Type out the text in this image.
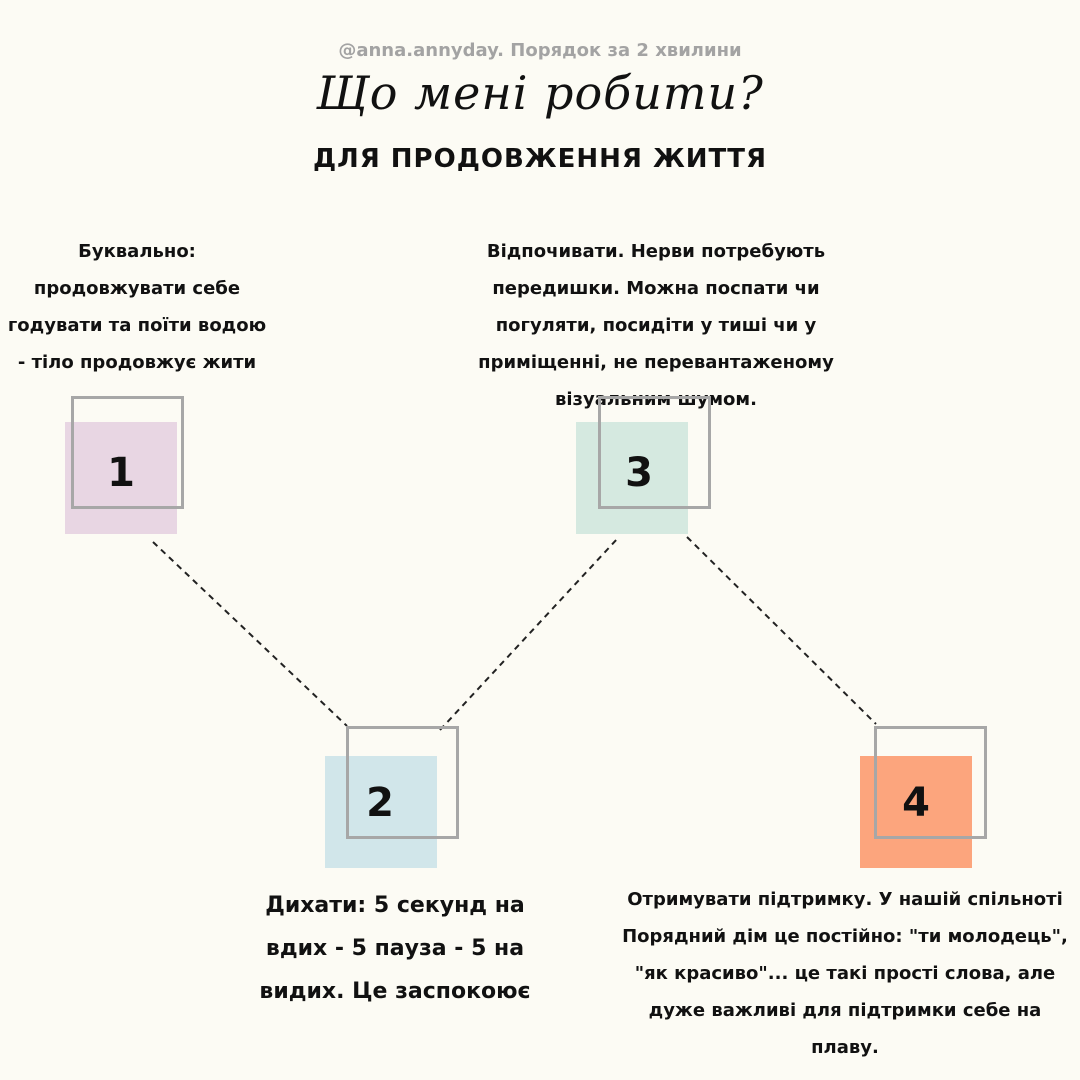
@anna.annyday. Порядок за 2 хвилини
Що мені робити?
ДЛЯ ПРОДОВЖЕННЯ ЖИТТЯ
Буквально: продовжувати себе годувати та поїти водою - тіло продовжує жити
1
2
Дихати: 5 секунд на вдих - 5 пауза - 5 на видих. Це заспокоює
Відпочивати. Нерви потребують передишки. Можна поспати чи погуляти, посидіти у тиші чи у приміщенні, не перевантаженому візуальним шумом.
3
4
Отримувати підтримку. У нашій спільноті Порядний дім це постійно: "ти молодець", "як красиво"... це такі прості слова, але дуже важливі для підтримки себе на плаву.
